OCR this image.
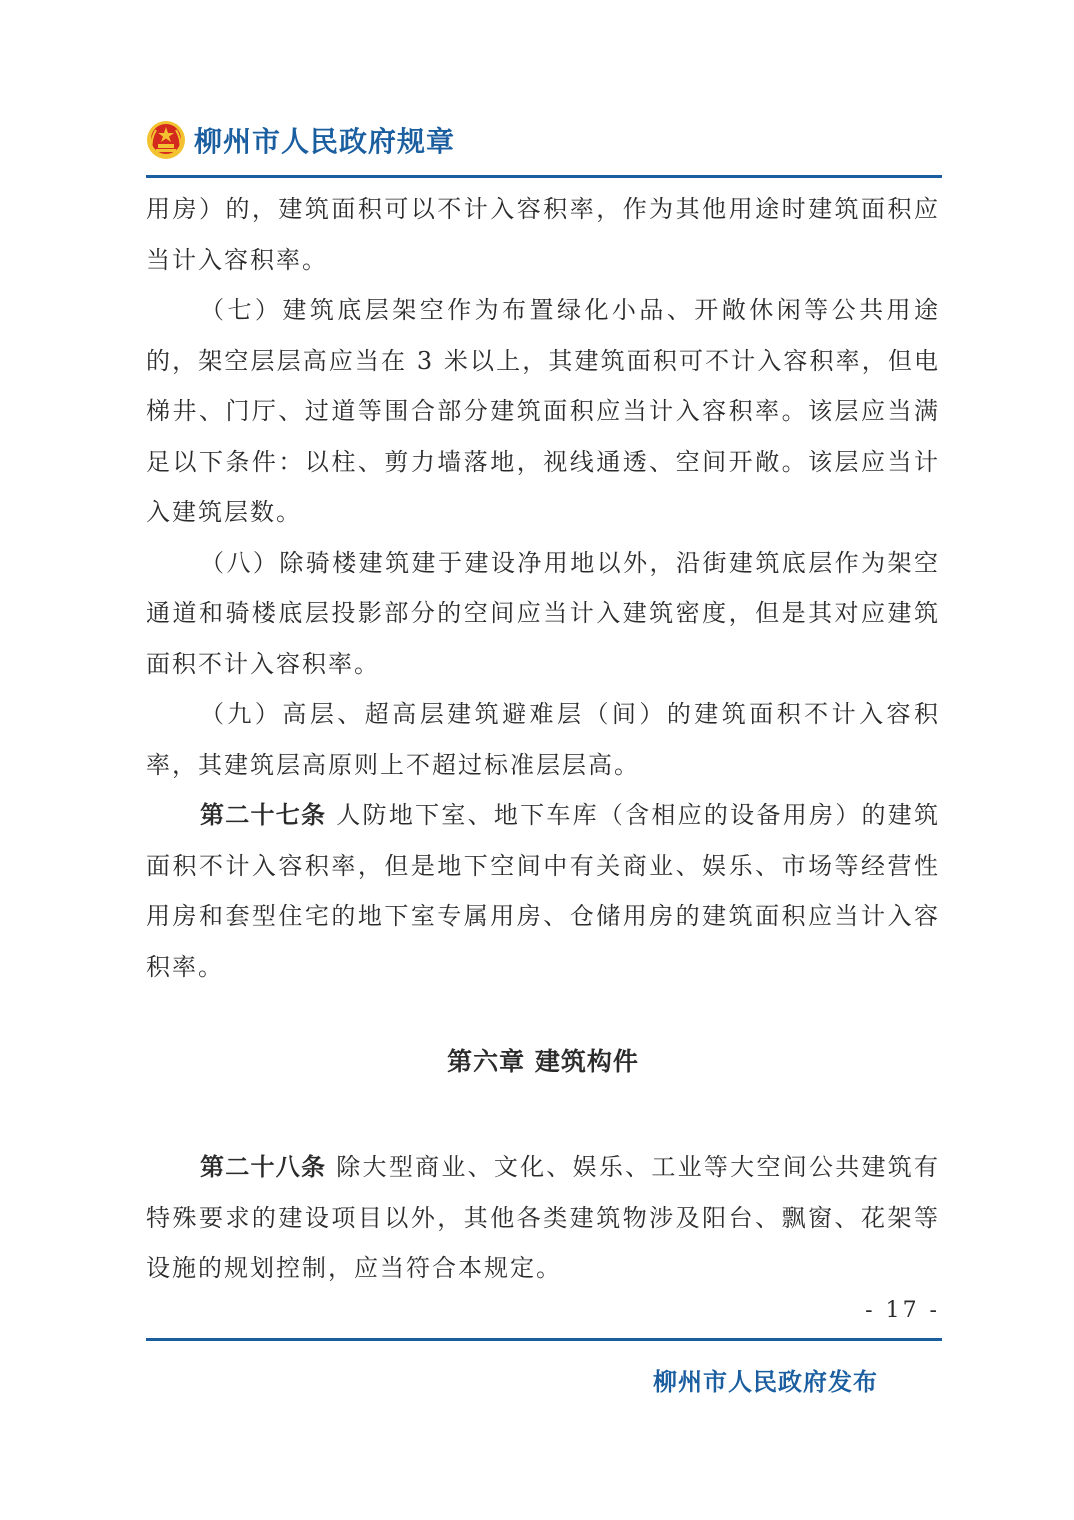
柳州市人民政府规章

用房）的，建筑面积可以不计入容积率，作为其他用途时建筑面积应当计入容积率。

（七）建筑底层架空作为布置绿化小品、开敞休闲等公共用途的，架空层层高应当在 3 米以上，其建筑面积可不计入容积率，但电梯井、门厅、过道等围合部分建筑面积应当计入容积率。该层应当满足以下条件：以柱、剪力墙落地，视线通透、空间开敞。该层应当计入建筑层数。

（八）除骑楼建筑建于建设净用地以外，沿街建筑底层作为架空通道和骑楼底层投影部分的空间应当计入建筑密度，但是其对应建筑面积不计入容积率。

（九）高层、超高层建筑避难层（间）的建筑面积不计入容积率，其建筑层高原则上不超过标准层层高。

第二十七条 人防地下室、地下车库（含相应的设备用房）的建筑面积不计入容积率，但是地下空间中有关商业、娱乐、市场等经营性用房和套型住宅的地下室专属用房、仓储用房的建筑面积应当计入容积率。

第六章 建筑构件

第二十八条 除大型商业、文化、娱乐、工业等大空间公共建筑有特殊要求的建设项目以外，其他各类建筑物涉及阳台、飘窗、花架等设施的规划控制，应当符合本规定。

- 17 -
柳州市人民政府发布
